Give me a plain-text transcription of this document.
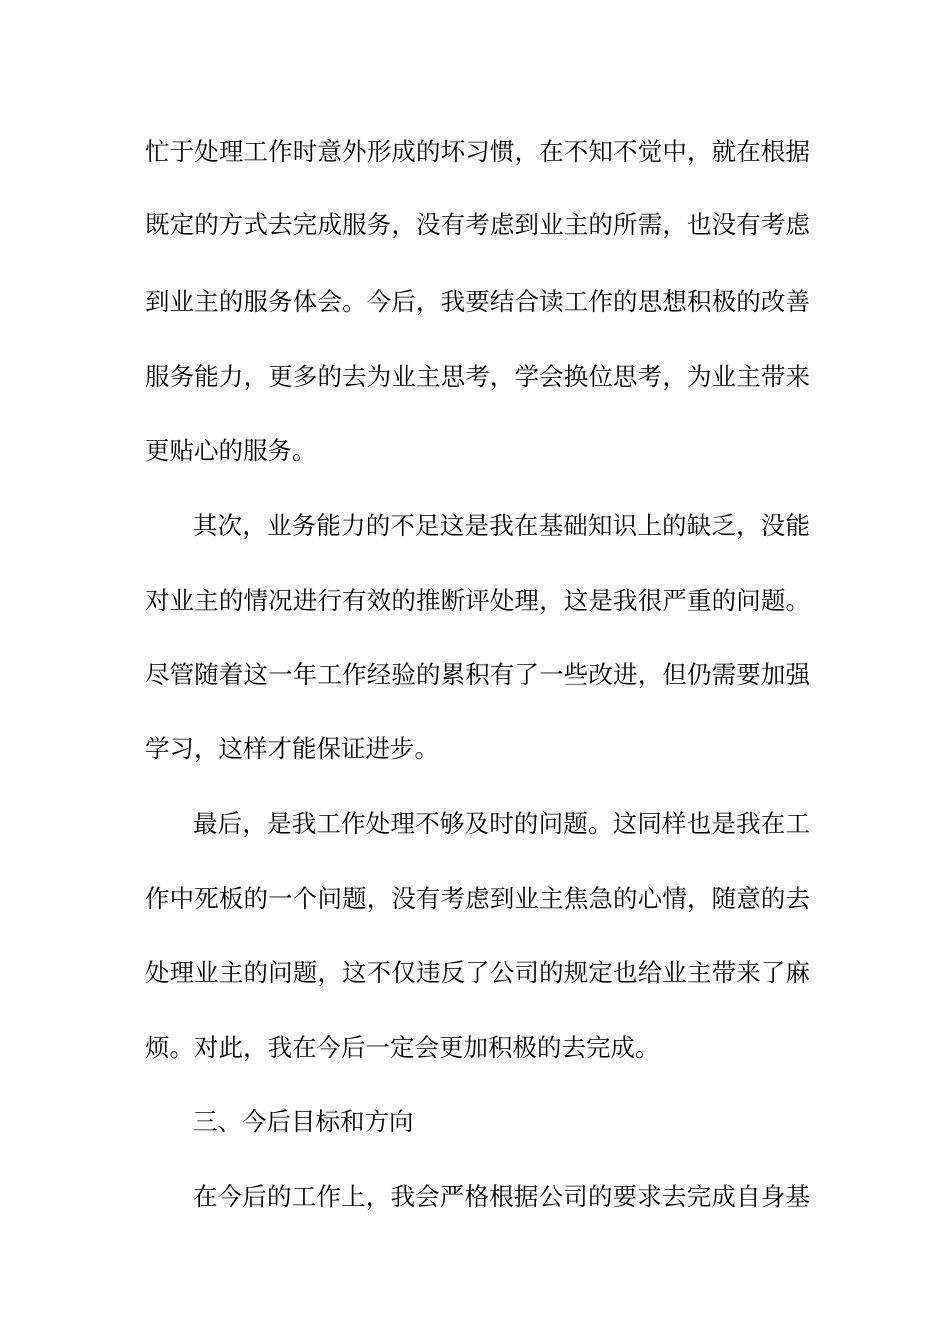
忙于处理工作时意外形成的坏习惯，在不知不觉中，就在根据
既定的方式去完成服务，没有考虑到业主的所需，也没有考虑
到业主的服务体会。今后，我要结合读工作的思想积极的改善
服务能力，更多的去为业主思考，学会换位思考，为业主带来
更贴心的服务。
其次，业务能力的不足这是我在基础知识上的缺乏，没能
对业主的情况进行有效的推断评处理，这是我很严重的问题。
尽管随着这一年工作经验的累积有了一些改进，但仍需要加强
学习，这样才能保证进步。
最后，是我工作处理不够及时的问题。这同样也是我在工
作中死板的一个问题，没有考虑到业主焦急的心情，随意的去
处理业主的问题，这不仅违反了公司的规定也给业主带来了麻
烦。对此，我在今后一定会更加积极的去完成。
三、今后目标和方向
在今后的工作上，我会严格根据公司的要求去完成自身基
